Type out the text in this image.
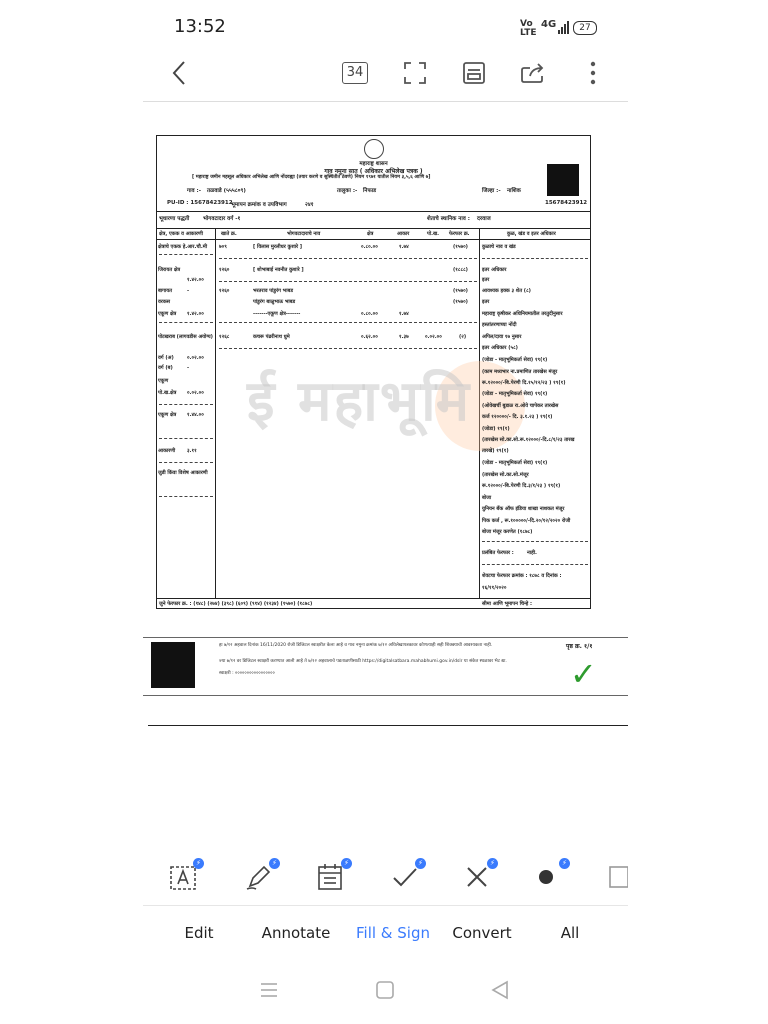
13:52	Vo
LTE
4G	27
34
महाराष्ट्र शासन
गाव नमुना सात ( अधिकार अभिलेख पत्रक )
[ महाराष्ट्र जमीन महसूल अधिकार अभिलेख आणि नोंदवह्या (तयार करणे व सुस्थितीत ठेवणे) नियम १९७१ यातील नियम ३,५,६ आणि ७]
गाव :- तळवाडे (५५५८०९)	तालुका :- निफाड	जिल्हा :- नाशिक
PU-ID : 15678423912
भूमापन क्रमांक व उपविभाग	२४१	15678423912
भूधारणा पद्धती भोगवटादार वर्ग -१	शेताचे स्थानिक नाव : दरवाज
क्षेत्र, एकक व आकारणी	खाते क्र.	भोगवटादाराचे नाव	क्षेत्र	आकार	पो.ख. फेरफार क्र.	कुळ, खंड व इतर अधिकार
क्षेत्राचे एकक हे.आर.चौ.मी
जिरायत क्षेत्र
१.४२.००
बागायत	-
वरकस
एकूण क्षेत्र १.४२.००
पोटखराब (लागवडीस अयोग्य)
वर्ग (अ)	०.०२.००
वर्ग (ब)	-
एकूण
पो.ख.क्षेत्र ०.०२.००
एकूण क्षेत्र १.४४.००
आकारणी ३.११
जुडी किंवा विशेष आकारणी
७०९	[ विलास मुरलीधर कुशारे ]	०.८०.००	१.७४	(१५७०)
१२६०	[ शोभाबाई नवनीत कुशारे ]	(१८८८)
१२६०	भरतराव पांडुरंग भाबड	(१५७०)
पांडुरंग बाळुभाऊ भाबड	(१५७०)
-------एकूण क्षेत्र-------	०.८०.००	१.७४
१२६८	कचरू पंढरीनाथ धुमे	०.६२.००	१.३७	०.०२.००	(२)
ई महाभूमि
कुळाचे नाव व खंड
इतर अधिकार
इतर
आवश्यक हक्क ३ शेत (८)
इतर
महाराष्ट्र कृषीकर अधिनियमातील तरतुदीनुसार
हस्तांतरणाच्या नोंदी
अपिल/दावा १७ नुसार
इतर अधिकार (५८)
(जोडा - मातृभूमिकर्ता सेवा) १९(१)
(काम मध्यभार ना.प्रमाणित तारखेस मंजूर
रू.१२०००/-बि.पेरणी दि.१५/१२/२३ ) १९(१)
(जोडा - मातृभूमिकर्ता सेवा) १९(१)
(ओवेखर्ची बुडाळ रा.ओवे चापेकर तारखेस
कर्ज १२००००/- दि. ३.१.२३ ) १९(१)
(जोडा) १९(१)
(तारखेस सो.का.सो.रू.१२०००/-दि.८/१/२३ तारख
तारखे) १९(१)
(जोडा - मातृभूमिकर्ता सेवा) १९(१)
(तारखेस सो.का.सो.मंजूर
रू.१२०००/-बि.पेरणी दि.३/१/२३ ) १९(१)
बोजा
युनियन बँक ऑफ इंडिया शाखा नाशकत मंजूर
पिक कर्ज , रू.१०००००/-दि.२०/१२/२०२० रोजी
बोजा मंजूर करणेत (१८७८)
प्रलंबित फेरफार :	नाही.
शेवटचा फेरफार क्रमांक : १८७८ व दिनांक :
१६/११/२०२०
जुने फेरफार क्र. : (१४८) (२७४) (३९८) (६०९) (९१४) (१२३४) (१५७०) (१८७८)	सीमा आणि भूमापन चिन्हे :
हा ७/१२ अहवाल दिनांक 16/11/2020 रोजी डिजिटल स्वाक्षरीत केला आहे व गाव नमुना क्रमांक ७/१२ अधिलेखापत्रकावर कोणत्याही सही शिक्क्याची आवश्यकता नाही.
ज्या ७/१२ वर डिजिटल स्वाक्षरी करण्यात आली आहे ते ७/१२ अहवालाचे पडताळणीसाठी https://digitalsatbara.mahabhumi.gov.in/dslr या संकेत स्थळावर भेट द्या.
स्वाक्षरी : ०००००००००००००००००
पृष्ठ क्र. १/१
✓
⚡	⚡	⚡	⚡	⚡	⚡
Edit	Annotate Fill & Sign Convert	All
